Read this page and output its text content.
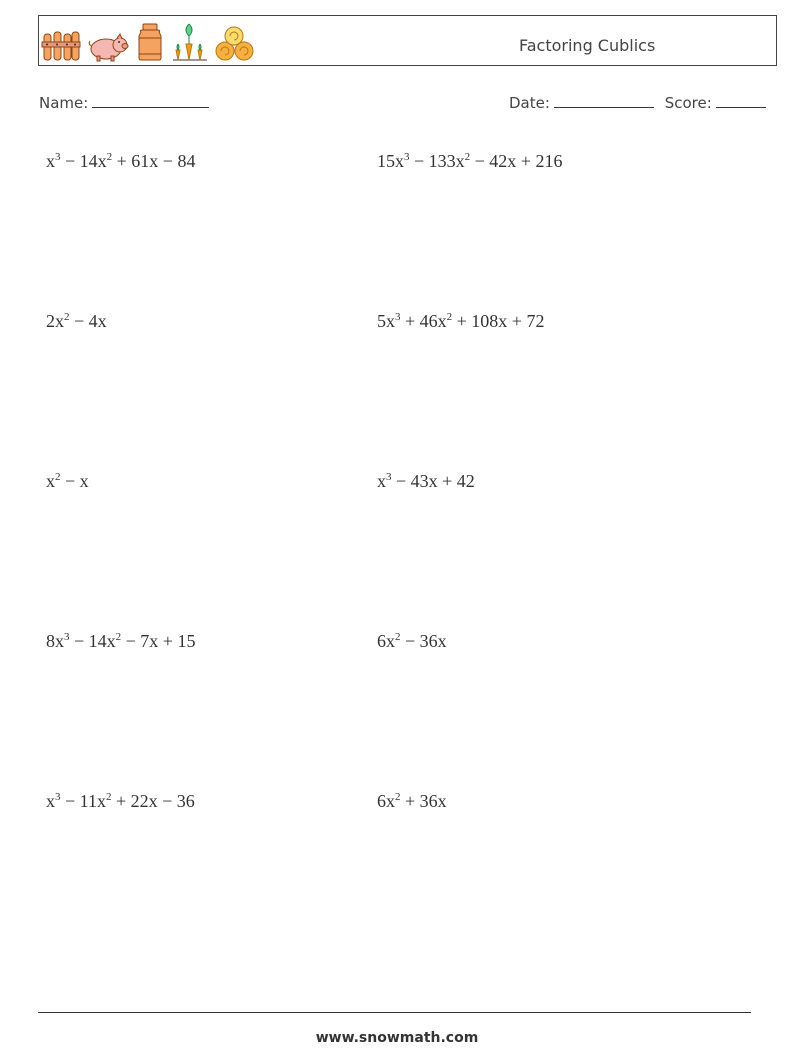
Factoring Cublics
Name:	Date:	Score:
$x^3 - 14x^2 + 61x - 84$	$15x^3 - 133x^2 - 42x + 216$
$2x^2 - 4x$	$5x^3 + 46x^2 + 108x + 72$
$x^2 - x$	$x^3 - 43x + 42$
$8x^3 - 14x^2 - 7x + 15$	$6x^2 - 36x$
$x^3 - 11x^2 + 22x - 36$	$6x^2 + 36x$
www.snowmath.com
